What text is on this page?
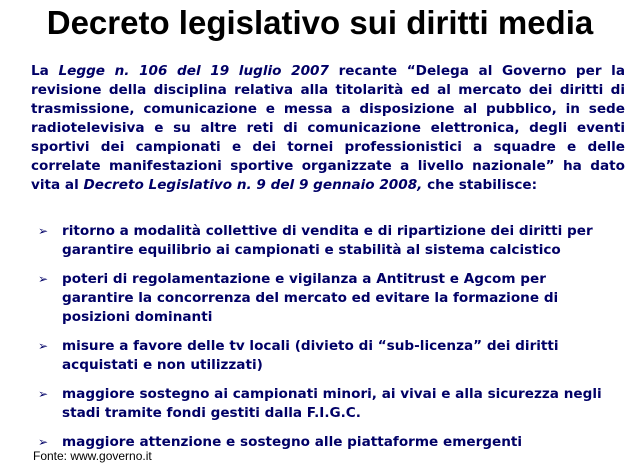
Decreto legislativo sui diritti media
La Legge n. 106 del 19 luglio 2007 recante “Delega al Governo per la revisione della disciplina relativa alla titolarità ed al mercato dei diritti di trasmissione, comunicazione e messa a disposizione al pubblico, in sede radiotelevisiva e su altre reti di comunicazione elettronica, degli eventi sportivi dei campionati e dei tornei professionistici a squadre e delle correlate manifestazioni sportive organizzate a livello nazionale” ha dato vita al Decreto Legislativo n. 9 del 9 gennaio 2008, che stabilisce:
➢ ritorno a modalità collettive di vendita e di ripartizione dei diritti per garantire equilibrio ai campionati e stabilità al sistema calcistico
➢ poteri di regolamentazione e vigilanza a Antitrust e Agcom per garantire la concorrenza del mercato ed evitare la formazione di posizioni dominanti
➢ misure a favore delle tv locali (divieto di “sub-licenza” dei diritti acquistati e non utilizzati)
➢ maggiore sostegno ai campionati minori, ai vivai e alla sicurezza negli stadi tramite fondi gestiti dalla F.I.G.C.
➢ maggiore attenzione e sostegno alle piattaforme emergenti
Fonte: www.governo.it
